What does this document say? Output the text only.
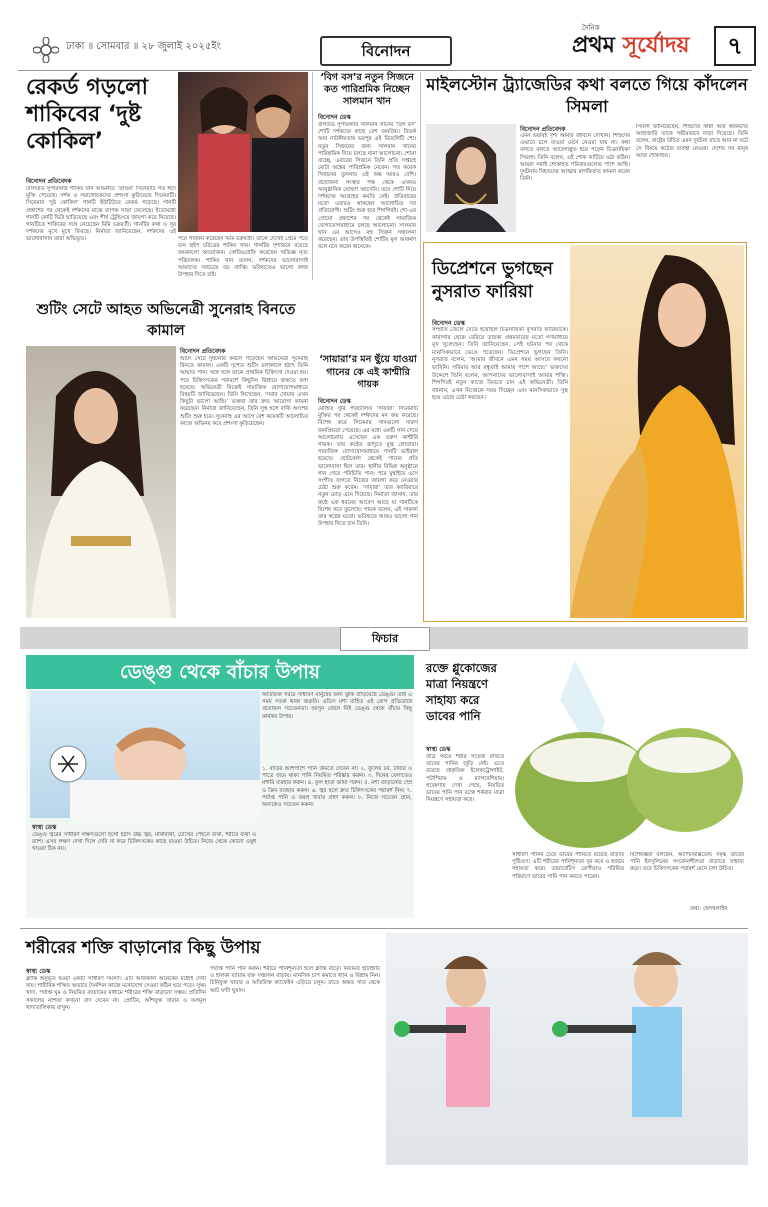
ঢাকা ॥ সোমবার ॥ ২৮ জুলাই ২০২৫ইং	বিনোদন
দৈনিক
প্রথম সূর্যোদয়	৭
রেকর্ড গড়লো শাকিবের ‘দুষ্ট কোকিল’
বিনোদন প্রতিবেদক
ঢালিউড সুপারস্টার শাকিব খান অভিনীত ‘তাণ্ডব’ সিনেমাটি গত ঈদে মুক্তি পেয়েছে। দর্শক ও সমালোচকদের প্রশংসা কুড়িয়েছে সিনেমাটি। সিনেমার ‘দুষ্ট কোকিল’ গানটি ইউটিউবে রেকর্ড গড়েছে। গানটি প্রকাশের পর থেকেই দর্শকদের মাঝে ব্যাপক সাড়া ফেলেছে। ইতোমধ্যে গানটি কোটি ভিউ ছাড়িয়েছে এবং শীর্ষ ট্রেন্ডিংয়ে জায়গা করে নিয়েছে। গানটিতে শাকিবের সঙ্গে নেচেছেন মিমি চক্রবর্তী। গানটির কথা ও সুর দর্শকদের মুখে মুখে ফিরছে। নির্মাতা জানিয়েছেন, দর্শকদের এই ভালোবাসায় তারা অভিভূত।	পরে পারফর্ম করেছেন মিমি চক্রবর্তী। তাকে দেখেই প্রেমে পড়ে যান হুইপ চরিত্রের শাকিব খান। গানটির দৃশ্যায়নে রয়েছে জমকালো আয়োজন। কোরিওগ্রাফি করেছেন অভিজ্ঞ নৃত্য পরিচালক। শাকিব খান বলেন, দর্শকদের ভালোবাসাই আমাদের সবচেয়ে বড় প্রাপ্তি। ভবিষ্যতেও ভালো কাজ উপহার দিতে চাই।
‘বিগ বস’র নতুন সিজনে কত পারিশ্রমিক নিচ্ছেন সালমান খান
বিনোদন ডেস্ক
বলিউড সুপারস্টার সালমান খানের ‘বিগ বস’ শোটি দর্শকদের কাছে বেশ জনপ্রিয়। বিতর্ক আর নাটকীয়তায় ভরপুর এই রিয়েলিটি শো। নতুন সিজনের জন্য সালমান খানের পারিশ্রমিক নিয়ে চলছে নানা আলোচনা। শোনা যাচ্ছে, এবারের সিজনে তিনি প্রতি সপ্তাহে মোটা অঙ্কের পারিশ্রমিক নেবেন। গত কয়েক সিজনের তুলনায় এই অঙ্ক আরও বেশি। প্রযোজনা সংস্থার পক্ষ থেকে এখনও আনুষ্ঠানিক ঘোষণা আসেনি। তবে শোটি নিয়ে দর্শকদের আগ্রহের কমতি নেই। প্রতিবারের মতো এবারও থাকছেন আলোচিত সব প্রতিযোগী। শুটিং শুরু হবে শিগগিরই। শো-এর প্রোমো প্রকাশের পর থেকেই সামাজিক যোগাযোগমাধ্যমে চলছে আলোচনা। সালমান খান এর আগেও বহু সিজন সঞ্চালনা করেছেন। তার উপস্থিতিই শোটির মূল আকর্ষণ বলে মনে করেন অনেকে।
মাইলস্টোন ট্র্যাজেডির কথা বলতে গিয়ে কাঁদলেন সিমলা
বিনোদন প্রতিবেদক
এমন ভয়াবহ দৃশ্য আমার জীবনে দেখিনি। শিশুদের এভাবে চলে যাওয়া মেনে নেওয়া যায় না। কথা বলতে বলতে আবেগাপ্লুত হয়ে পড়েন চিত্রনায়িকা সিমলা। তিনি বলেন, এই শোক কাটিয়ে ওঠা কঠিন। আমরা সবাই শোকাহত পরিবারগুলোর পাশে আছি। দুর্ঘটনায় নিহতদের আত্মার মাগফিরাত কামনা করেন তিনি।
সিমলা জানিয়েছেন, শিশুদের কান্না আর স্বজনদের আহাজারি তাকে গভীরভাবে নাড়া দিয়েছে। তিনি বলেন, রাষ্ট্রের উচিত এমন দুর্ঘটনা যাতে আর না ঘটে সে বিষয়ে কঠোর ব্যবস্থা নেওয়া। দেশের সব মানুষ আজ শোকাহত।
ডিপ্রেশনে ভুগছেন নুসরাত ফারিয়া
বিনোদন ডেস্ক
সম্প্রতি জেলে যেতে হয়েছিল চিত্রনায়িকা নুসরাত ফারিয়াকে। কারাগার থেকে বেরিয়ে তারকা প্রথমবারের মতো গণমাধ্যমে মুখ খুলেছেন। তিনি জানিয়েছেন, সেই ঘটনার পর থেকে মানসিকভাবে ভেঙে পড়েছেন। ডিপ্রেশনে ভুগছেন তিনি। নুসরাত বলেন, ‘আমার জীবনে এমন সময় আসবে কখনো ভাবিনি। পরিবার আর বন্ধুরাই আমার পাশে আছে।’ ভক্তদের উদ্দেশে তিনি বলেন, আপনাদের ভালোবাসাই আমার শক্তি। শিগগিরই নতুন কাজে ফিরতে চান এই অভিনেত্রী। তিনি জানান, এখন নিজেকে সময় দিচ্ছেন এবং মানসিকভাবে সুস্থ হয়ে ওঠার চেষ্টা করছেন।
শুটিং সেটে আহত অভিনেত্রী সুনেরাহ বিনতে কামাল
বিনোদন প্রতিবেদক
শুটিং সেটে দুর্ঘটনার কবলে পড়েছেন অভিনেত্রী সুনেরাহ বিনতে কামাল। একটি দৃশ্যের শুটিং চলাকালে হঠাৎ তিনি আঘাত পান। সঙ্গে সঙ্গে তাকে প্রাথমিক চিকিৎসা দেওয়া হয়। পরে চিকিৎসকের পরামর্শে কিছুদিন বিশ্রামে থাকতে বলা হয়েছে। অভিনেত্রী নিজেই সামাজিক যোগাযোগমাধ্যমে বিষয়টি জানিয়েছেন। তিনি লিখেছেন, ‘সবার দোয়ায় এখন কিছুটা ভালো আছি।’ ভক্তরা তার দ্রুত আরোগ্য কামনা করেছেন। নির্মাতা জানিয়েছেন, তিনি সুস্থ হলে বাকি অংশের শুটিং শুরু হবে। সুনেরাহ এর আগে বেশ কয়েকটি আলোচিত কাজে অভিনয় করে প্রশংসা কুড়িয়েছেন।
‘সায়ারা’র মন ছুঁয়ে যাওয়া গানের কে এই কাশ্মীরি গায়ক
বিনোদন ডেস্ক
মোহিত সুরি পরিচালিত ‘সায়ারা’ সিনেমাটি মুক্তির পর থেকেই দর্শকদের মন জয় করেছে। বিশেষ করে সিনেমার গানগুলো দারুণ জনপ্রিয়তা পেয়েছে। এর মধ্যে একটি গান গেয়ে আলোচনায় এসেছেন এক তরুণ কাশ্মীরি গায়ক। তার কণ্ঠের জাদুতে মুগ্ধ শ্রোতারা। সামাজিক যোগাযোগমাধ্যমে গানটি ভাইরাল হয়েছে। ছোটবেলা থেকেই গানের প্রতি ভালোবাসা ছিল তার। স্থানীয় বিভিন্ন অনুষ্ঠানে গান গেয়ে পরিচিতি পান। পরে মুম্বাইয়ে এসে সংগীত জগতে নিজের জায়গা করে নেওয়ার চেষ্টা শুরু করেন। ‘সায়ারা’ তার ক্যারিয়ারে নতুন মোড় এনে দিয়েছে। নির্মাতা জানান, তার কণ্ঠে এক ধরনের আবেগ আছে যা গানটিকে বিশেষ করে তুলেছে। গায়ক বলেন, এই সাফল্য তার স্বপ্নের মতো। ভবিষ্যতে আরও ভালো গান উপহার দিতে চান তিনি।
ফিচার
ডেঙ্গু থেকে বাঁচার উপায়
অতিরিক্ত গরমে সাধারণ মানুষের জন্য ঝুঁকি বাড়িয়েছে ডেঙ্গু। তাই এ সময় সতর্ক থাকা জরুরি। এডিস মশা বাহিত এই রোগ প্রতিরোধে প্রয়োজন সচেতনতা। আসুন জেনে নিই ডেঙ্গু থেকে বাঁচার কিছু কার্যকর উপায়।
১. বাড়ির আশপাশে পানি জমতে দেবেন না। ২. ফুলের টব, টায়ার ও পাত্রে জমে থাকা পানি নিয়মিত পরিষ্কার করুন। ৩. দিনের বেলাতেও মশারি ব্যবহার করুন। ৪. ফুল হাতা জামা পরুন। ৫. মশা তাড়ানোর স্প্রে ও ক্রিম ব্যবহার করুন। ৬. জ্বর হলে দ্রুত চিকিৎসকের পরামর্শ নিন। ৭. পর্যাপ্ত পানি ও তরল খাবার গ্রহণ করুন। ৮. নিজে সচেতন হোন, অন্যকেও সচেতন করুন।
স্বাস্থ্য ডেস্ক
ডেঙ্গু জ্বরের সাধারণ লক্ষণগুলো হলো হঠাৎ উচ্চ জ্বর, মাথাব্যথা, চোখের পেছনে ব্যথা, শরীরে ব্যথা ও র‍্যাশ। এসব লক্ষণ দেখা দিলে দেরি না করে চিকিৎসকের কাছে যাওয়া উচিত। নিজে থেকে কোনো ওষুধ খাওয়া ঠিক নয়।
রক্তে গ্লুকোজের মাত্রা নিয়ন্ত্রণে সাহায্য করে ডাবের পানি
স্বাস্থ্য ডেস্ক
তীব্র গরমে শরীর সতেজ রাখতে ডাবের পানির জুড়ি নেই। এতে রয়েছে প্রাকৃতিক ইলেকট্রোলাইট, পটাশিয়াম ও ম্যাগনেশিয়াম। গবেষণায় দেখা গেছে, নিয়মিত ডাবের পানি পান রক্তে শর্করার মাত্রা নিয়ন্ত্রণে সহায়তা করে।
সাধারণ পানির চেয়ে ডাবের পানিতে রয়েছে বাড়তি পুষ্টিগুণ। এটি শরীরের পানিশূন্যতা দূর করে ও হজমে সহায়তা করে। ডায়াবেটিস রোগীরাও পরিমিত পরিমাণে ডাবের পানি পান করতে পারেন।
বিশেষজ্ঞরা বলছেন, অ্যান্টিঅক্সিডেন্ট সমৃদ্ধ ডাবের পানি ইনসুলিনের সংবেদনশীলতা বাড়াতে সাহায্য করে। তবে চিকিৎসকের পরামর্শ মেনে চলা উচিত।
তথ্য: হেলথলাইন
শরীরের শক্তি বাড়ানোর কিছু উপায়
স্বাস্থ্য ডেস্ক
ক্লান্তি অনুভূত হওয়া একটি সাধারণ সমস্যা। এটি আজকাল অনেকের মধ্যেই দেখা যায়। শারীরিক শক্তির অভাবে দৈনন্দিন কাজে মনোযোগ দেওয়া কঠিন হয়ে পড়ে। সুষম খাদ্য, পর্যাপ্ত ঘুম ও নিয়মিত ব্যায়ামের মাধ্যমে শরীরের শক্তি বাড়ানো সম্ভব। প্রতিদিন সকালের নাশতা কখনো বাদ দেবেন না। প্রোটিন, আঁশযুক্ত খাবার ও ফলমূল খাদ্যতালিকায় রাখুন।
পর্যাপ্ত পানি পান করুন। শরীরে পানিশূন্যতা হলে ক্লান্তি বাড়ে। নিয়মিত হাঁটাহাঁটি ও হালকা ব্যায়াম রক্ত সঞ্চালন বাড়ায়। মানসিক চাপ কমাতে ধ্যান ও বিশ্রাম নিন। চিনিযুক্ত খাবার ও অতিরিক্ত ক্যাফেইন এড়িয়ে চলুন। রাতে অন্তত সাত থেকে আট ঘণ্টা ঘুমান।
